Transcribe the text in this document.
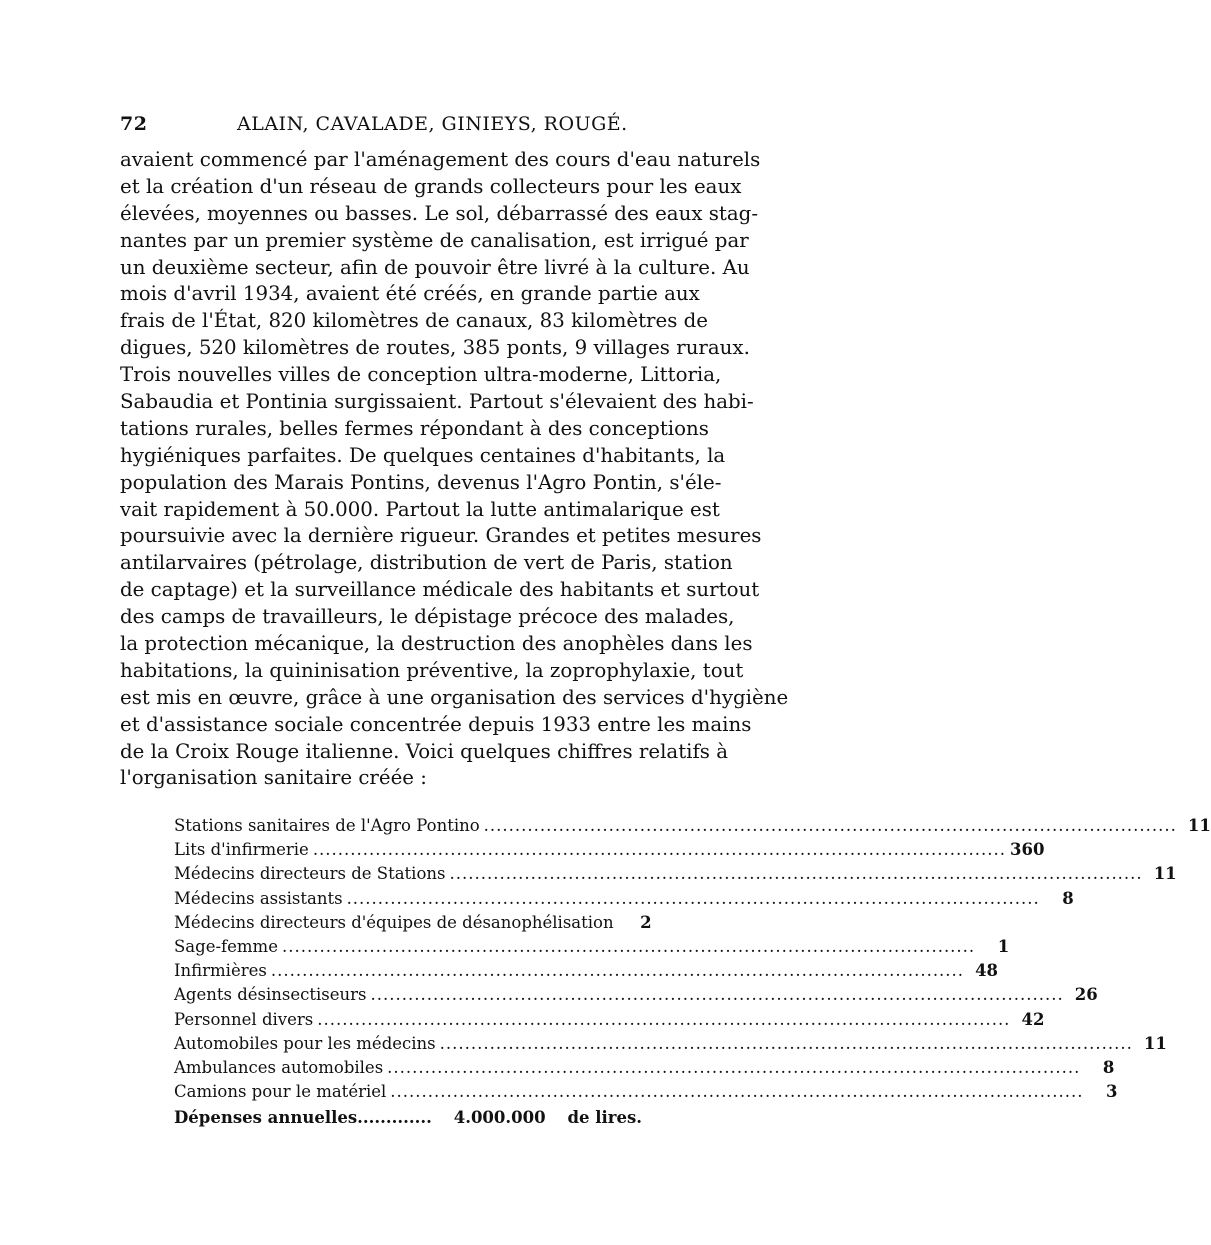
72	ALAIN, CAVALADE, GINIEYS, ROUGÉ.
avaient commencé par l'aménagement des cours d'eau naturels
et la création d'un réseau de grands collecteurs pour les eaux
élevées, moyennes ou basses. Le sol, débarrassé des eaux stag-
nantes par un premier système de canalisation, est irrigué par
un deuxième secteur, afin de pouvoir être livré à la culture. Au
mois d'avril 1934, avaient été créés, en grande partie aux
frais de l'État, 820 kilomètres de canaux, 83 kilomètres de
digues, 520 kilomètres de routes, 385 ponts, 9 villages ruraux.
Trois nouvelles villes de conception ultra-moderne, Littoria,
Sabaudia et Pontinia surgissaient. Partout s'élevaient des habi-
tations rurales, belles fermes répondant à des conceptions
hygiéniques parfaites. De quelques centaines d'habitants, la
population des Marais Pontins, devenus l'Agro Pontin, s'éle-
vait rapidement à 50.000. Partout la lutte antimalarique est
poursuivie avec la dernière rigueur. Grandes et petites mesures
antilarvaires (pétrolage, distribution de vert de Paris, station
de captage) et la surveillance médicale des habitants et surtout
des camps de travailleurs, le dépistage précoce des malades,
la protection mécanique, la destruction des anophèles dans les
habitations, la quininisation préventive, la zoprophylaxie, tout
est mis en œuvre, grâce à une organisation des services d'hygiène
et d'assistance sociale concentrée depuis 1933 entre les mains
de la Croix Rouge italienne. Voici quelques chiffres relatifs à
l'organisation sanitaire créée :
Stations sanitaires de l'Agro Pontino .....	11
Lits d'infirmerie .....	360
Médecins directeurs de Stations .....	11
Médecins assistants .....	8
Médecins directeurs d'équipes de désanophélisation	2
Sage-femme .....	1
Infirmières .....	48
Agents désinsectiseurs .....	26
Personnel divers .....	42
Automobiles pour les médecins .....	11
Ambulances automobiles .....	8
Camions pour le matériel .....	3
Dépenses annuelles............. 4.000.000 de lires.
